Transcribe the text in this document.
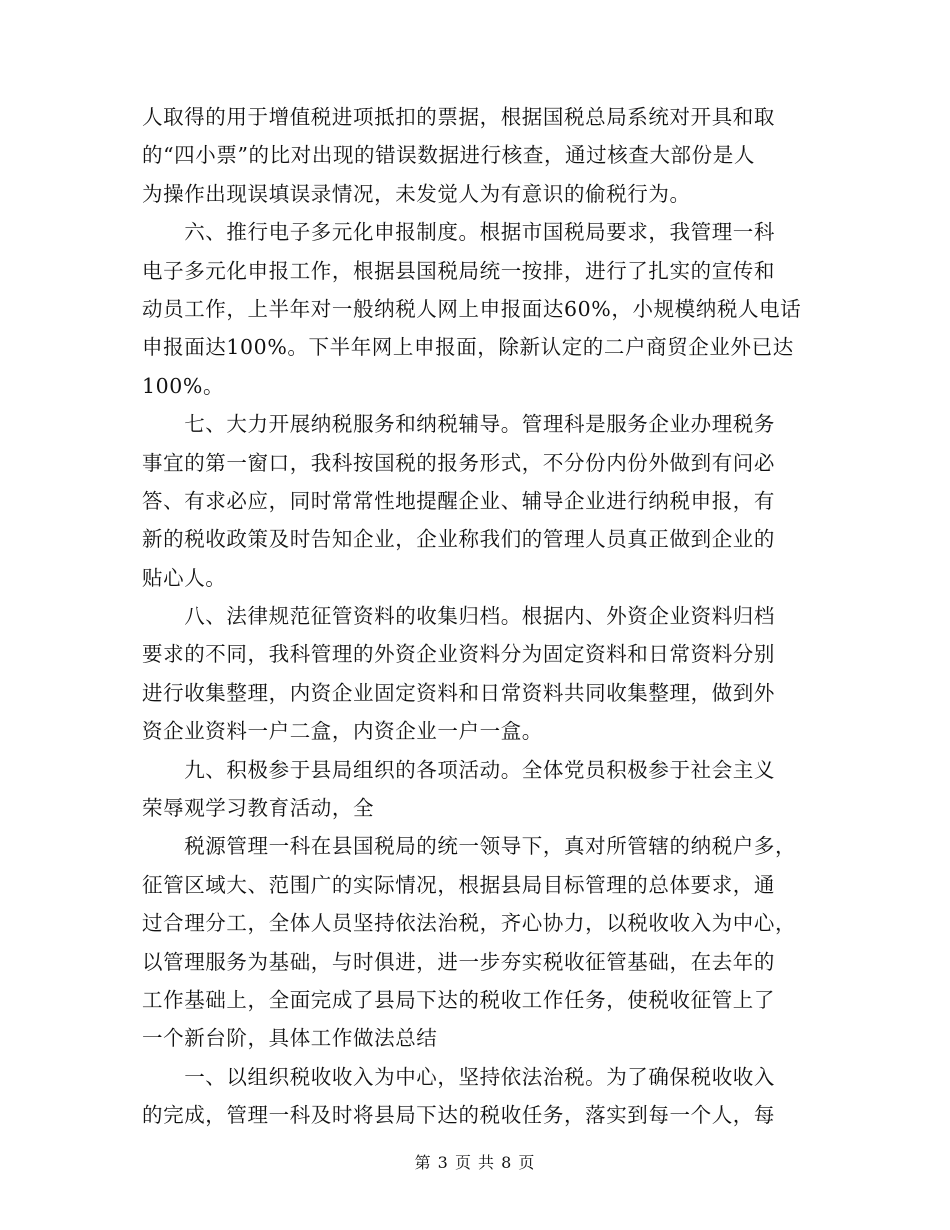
人取得的用于增值税进项抵扣的票据，根据国税总局系统对开具和取
的“四小票”的比对出现的错误数据进行核查，通过核查大部份是人
为操作出现误填误录情况，未发觉人为有意识的偷税行为。
　　六、推行电子多元化申报制度。根据市国税局要求，我管理一科
电子多元化申报工作，根据县国税局统一按排，进行了扎实的宣传和
动员工作，上半年对一般纳税人网上申报面达60%，小规模纳税人电话
申报面达100%。下半年网上申报面，除新认定的二户商贸企业外已达
100%。
　　七、大力开展纳税服务和纳税辅导。管理科是服务企业办理税务
事宜的第一窗口，我科按国税的报务形式，不分份内份外做到有问必
答、有求必应，同时常常性地提醒企业、辅导企业进行纳税申报，有
新的税收政策及时告知企业，企业称我们的管理人员真正做到企业的
贴心人。
　　八、法律规范征管资料的收集归档。根据内、外资企业资料归档
要求的不同，我科管理的外资企业资料分为固定资料和日常资料分别
进行收集整理，内资企业固定资料和日常资料共同收集整理，做到外
资企业资料一户二盒，内资企业一户一盒。
　　九、积极参于县局组织的各项活动。全体党员积极参于社会主义
荣辱观学习教育活动，全
　　税源管理一科在县国税局的统一领导下，真对所管辖的纳税户多，
征管区域大、范围广的实际情况，根据县局目标管理的总体要求，通
过合理分工，全体人员坚持依法治税，齐心协力，以税收收入为中心，
以管理服务为基础，与时俱进，进一步夯实税收征管基础，在去年的
工作基础上，全面完成了县局下达的税收工作任务，使税收征管上了
一个新台阶，具体工作做法总结
　　一、以组织税收收入为中心，坚持依法治税。为了确保税收收入
的完成，管理一科及时将县局下达的税收任务，落实到每一个人，每
第 3 页 共 8 页
